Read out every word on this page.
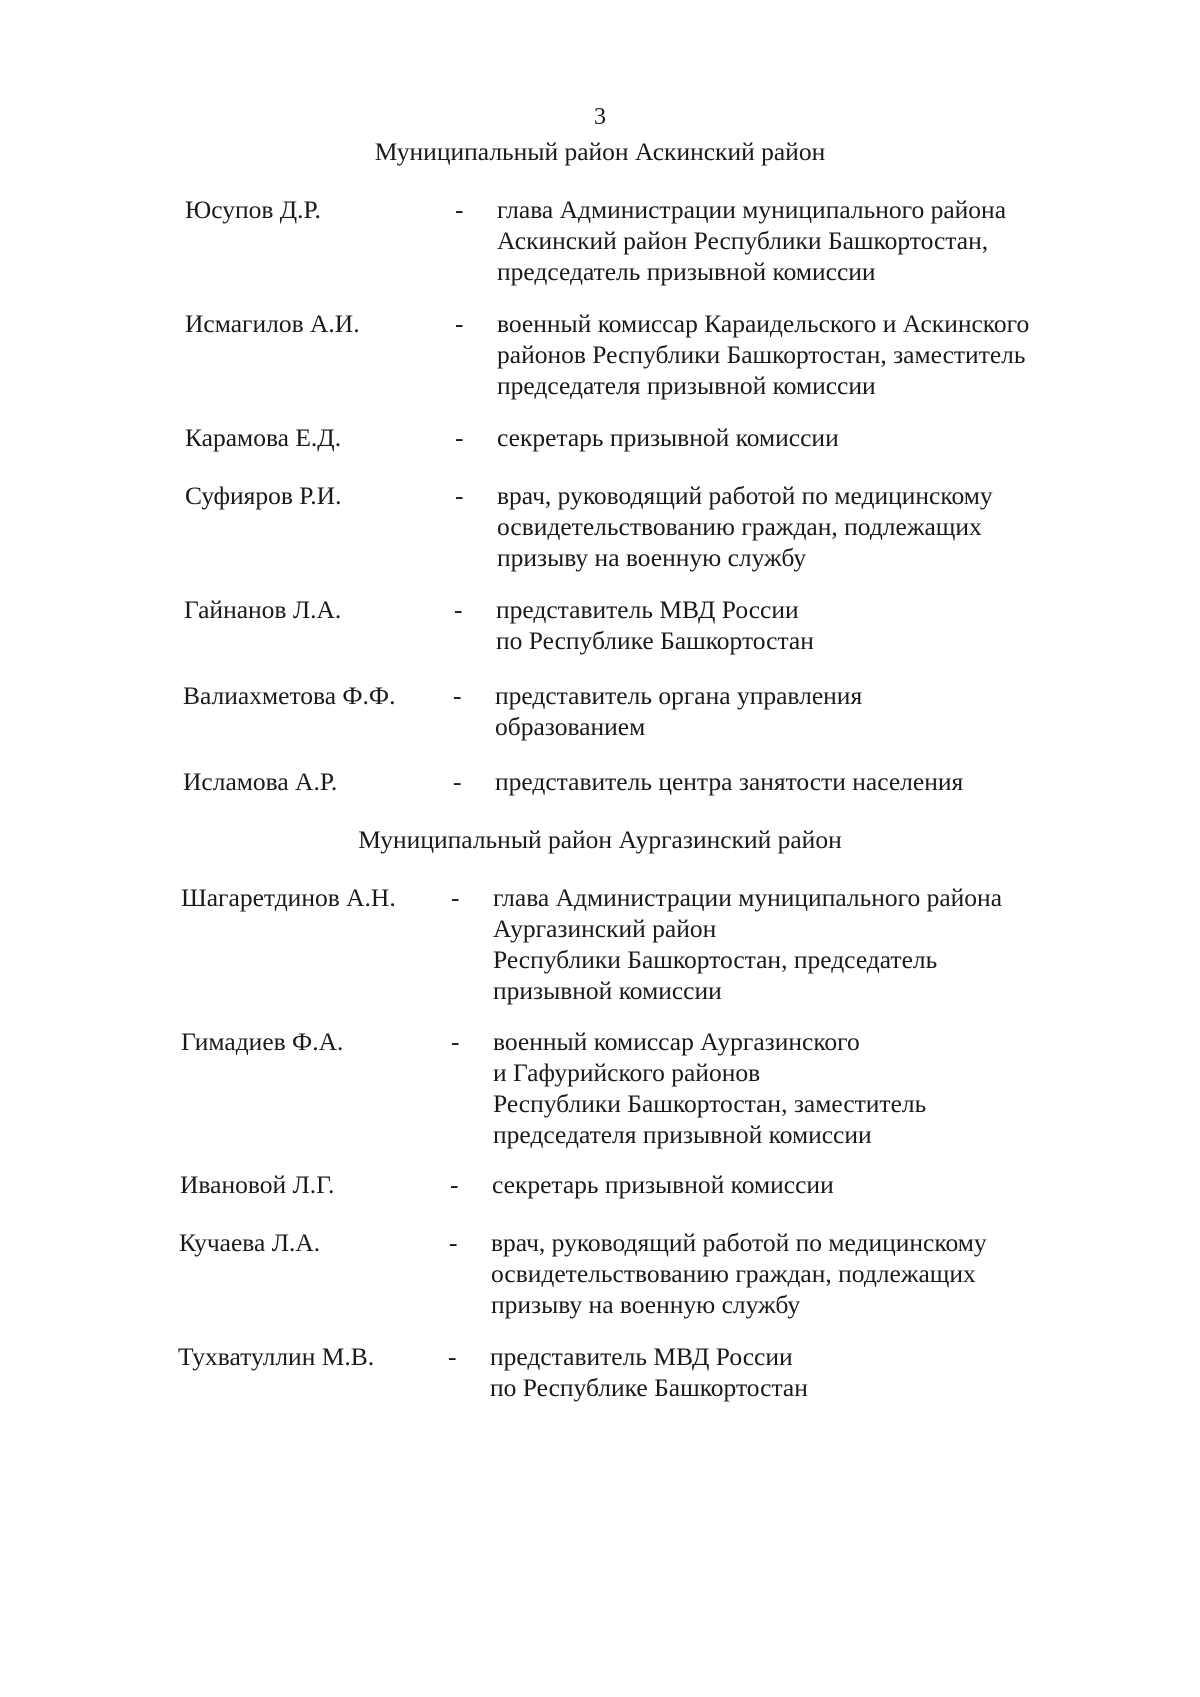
3
Муниципальный район Аскинский район
Юсупов Д.Р.	- глава Администрации муниципального района
Аскинский район Республики Башкортостан,
председатель призывной комиссии
Исмагилов А.И.	- военный комиссар Караидельского и Аскинского
районов Республики Башкортостан, заместитель
председателя призывной комиссии
Карамова Е.Д.	- секретарь призывной комиссии
Суфияров Р.И.	- врач, руководящий работой по медицинскому
освидетельствованию граждан, подлежащих
призыву на военную службу
Гайнанов Л.А.	- представитель МВД России
по Республике Башкортостан
Валиахметова Ф.Ф. - представитель органа управления
образованием
Исламова А.Р.	- представитель центра занятости населения
Муниципальный район Аургазинский район
Шагаретдинов А.Н. - глава Администрации муниципального района
Аургазинский район
Республики Башкортостан, председатель
призывной комиссии
Гимадиев Ф.А.	- военный комиссар Аургазинского
и Гафурийского районов
Республики Башкортостан, заместитель
председателя призывной комиссии
Ивановой Л.Г.	- секретарь призывной комиссии
Кучаева Л.А.	- врач, руководящий работой по медицинскому
освидетельствованию граждан, подлежащих
призыву на военную службу
Тухватуллин М.В.	- представитель МВД России
по Республике Башкортостан
